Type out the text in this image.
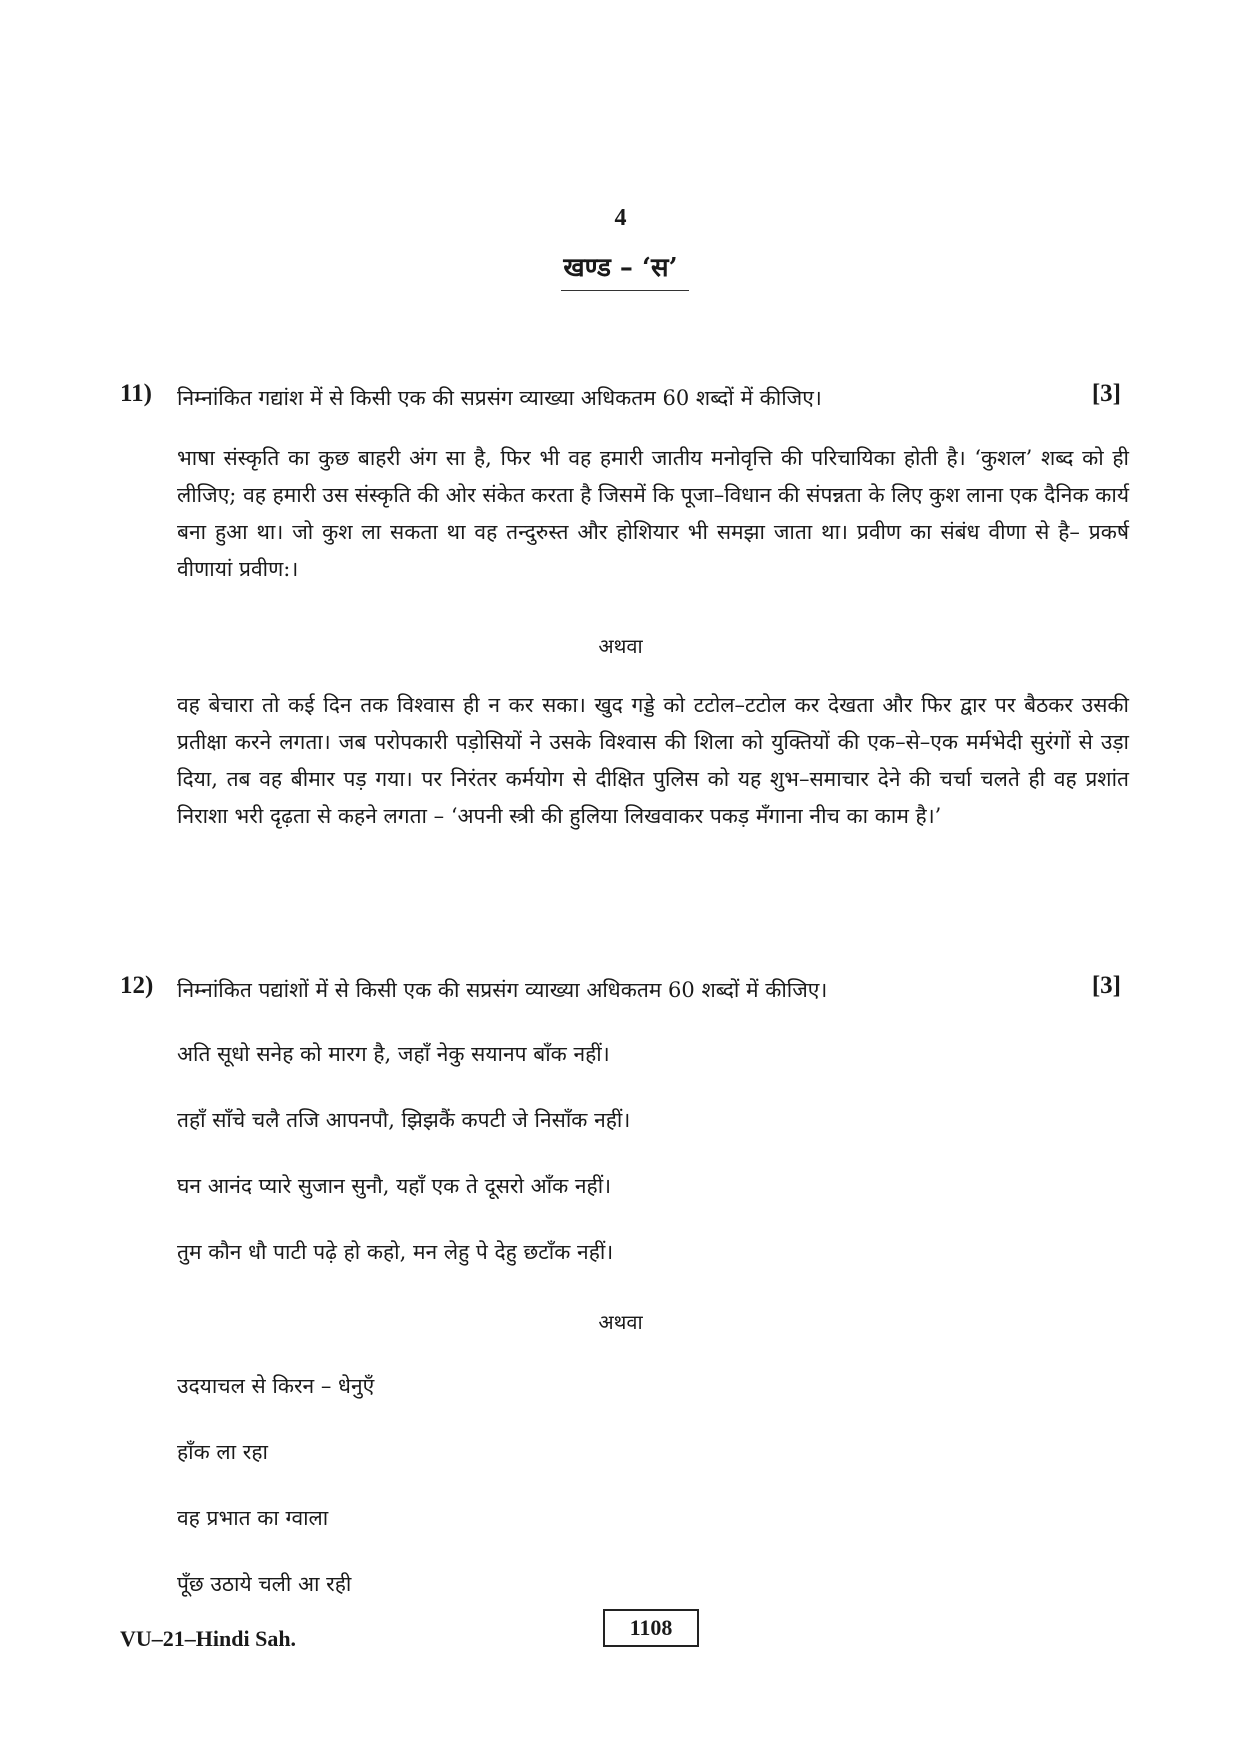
4
खण्ड – ‘स’
11) निम्नांकित गद्यांश में से किसी एक की सप्रसंग व्याख्या अधिकतम 60 शब्दों में कीजिए।	[3]
भाषा संस्कृति का कुछ बाहरी अंग सा है, फिर भी वह हमारी जातीय मनोवृत्ति की परिचायिका होती है। ‘कुशल’ शब्द को ही लीजिए; वह हमारी उस संस्कृति की ओर संकेत करता है जिसमें कि पूजा–विधान की संपन्नता के लिए कुश लाना एक दैनिक कार्य बना हुआ था। जो कुश ला सकता था वह तन्दुरुस्त और होशियार भी समझा जाता था। प्रवीण का संबंध वीणा से है– प्रकर्ष वीणायां प्रवीण:।
अथवा
वह बेचारा तो कई दिन तक विश्वास ही न कर सका। खुद गड्डे को टटोल–टटोल कर देखता और फिर द्वार पर बैठकर उसकी प्रतीक्षा करने लगता। जब परोपकारी पड़ोसियों ने उसके विश्वास की शिला को युक्तियों की एक–से–एक मर्मभेदी सुरंगों से उड़ा दिया, तब वह बीमार पड़ गया। पर निरंतर कर्मयोग से दीक्षित पुलिस को यह शुभ–समाचार देने की चर्चा चलते ही वह प्रशांत निराशा भरी दृढ़ता से कहने लगता – ‘अपनी स्त्री की हुलिया लिखवाकर पकड़ मँगाना नीच का काम है।’
12) निम्नांकित पद्यांशों में से किसी एक की सप्रसंग व्याख्या अधिकतम 60 शब्दों में कीजिए।	[3]
अति सूधो सनेह को मारग है, जहाँ नेकु सयानप बाँक नहीं।
तहाँ साँचे चलै तजि आपनपौ, झिझकैं कपटी जे निसाँक नहीं।
घन आनंद प्यारे सुजान सुनौ, यहाँ एक ते दूसरो आँक नहीं।
तुम कौन धौ पाटी पढ़े हो कहो, मन लेहु पे देहु छटाँक नहीं।
अथवा
उदयाचल से किरन – धेनुएँ
हाँक ला रहा
वह प्रभात का ग्वाला
पूँछ उठाये चली आ रही
VU–21–Hindi Sah.	1108
